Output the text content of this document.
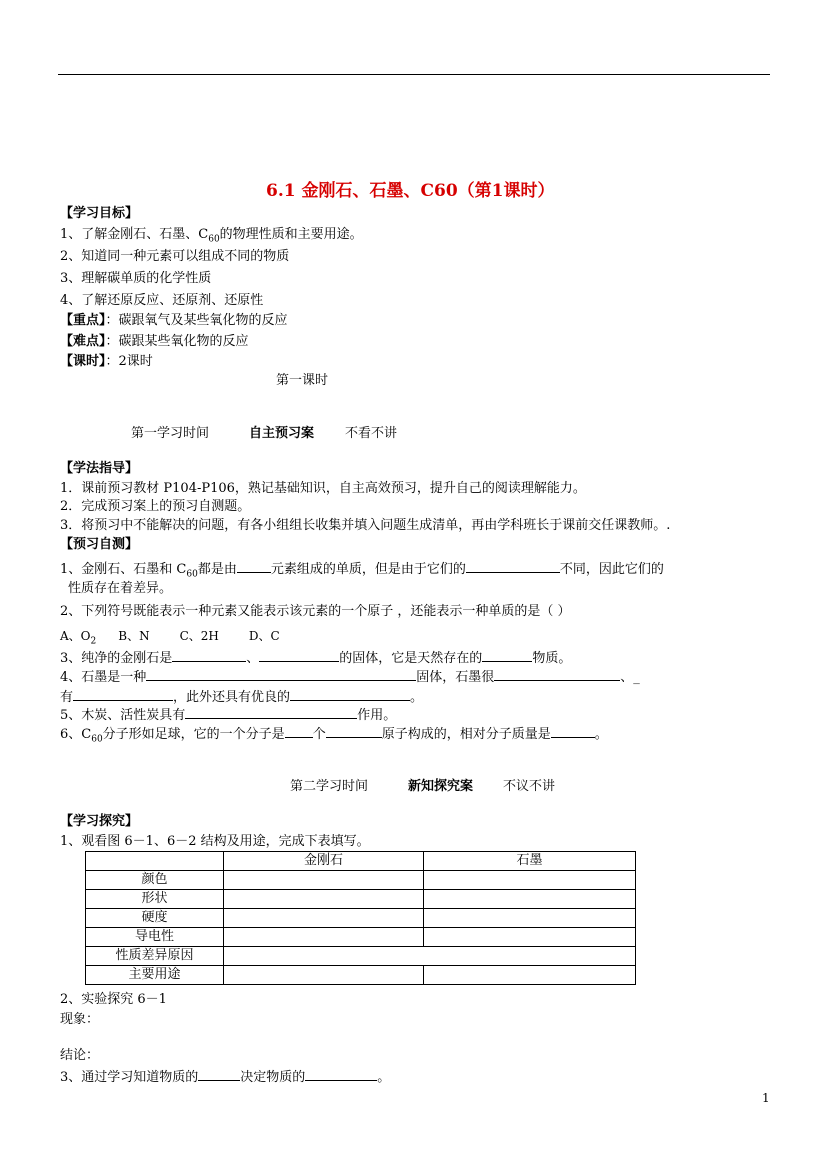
6.1 金刚石、石墨、C60（第1课时）
【学习目标】
1、了解金刚石、石墨、$C_{60}$的物理性质和主要用途。
2、知道同一种元素可以组成不同的物质
3、理解碳单质的化学性质
4、了解还原反应、还原剂、还原性
【重点】：碳跟氧气及某些氧化物的反应
【难点】：碳跟某些氧化物的反应
【课时】：2课时
第一课时
第一学习时间	自主预习案 不看不讲
【学法指导】
1．课前预习教材 P104-P106，熟记基础知识，自主高效预习，提升自己的阅读理解能力。
2．完成预习案上的预习自测题。
3．将预习中不能解决的问题，有各小组组长收集并填入问题生成清单，再由学科班长于课前交任课教师。.
【预习自测】
1、金刚石、石墨和 $C_{60}$都是由	元素组成的单质，但是由于它们的	不同，因此它们的
性质存在着差异。
2、下列符号既能表示一种元素又能表示该元素的一个原子 ，还能表示一种单质的是（ ）
A、$O_2$ B、N	C、2H	D、C
3、纯净的金刚石是	、	的固体，它是天然存在的	物质。
4、石墨是一种	固体，石墨很	、_
有	，此外还具有优良的	。
5、木炭、活性炭具有	作用。
6、$C_{60}$分子形如足球，它的一个分子是 个	原子构成的，相对分子质量是	。
第二学习时间	新知探究案 不议不讲
【学习探究】
1、观看图 6－1、6－2 结构及用途，完成下表填写。
	金刚石	石墨
颜色		
形状		
硬度		
导电性		
性质差异原因		
主要用途		
2、实验探究 6－1
现象：
结论：
3、通过学习知道物质的	决定物质的	。
1
